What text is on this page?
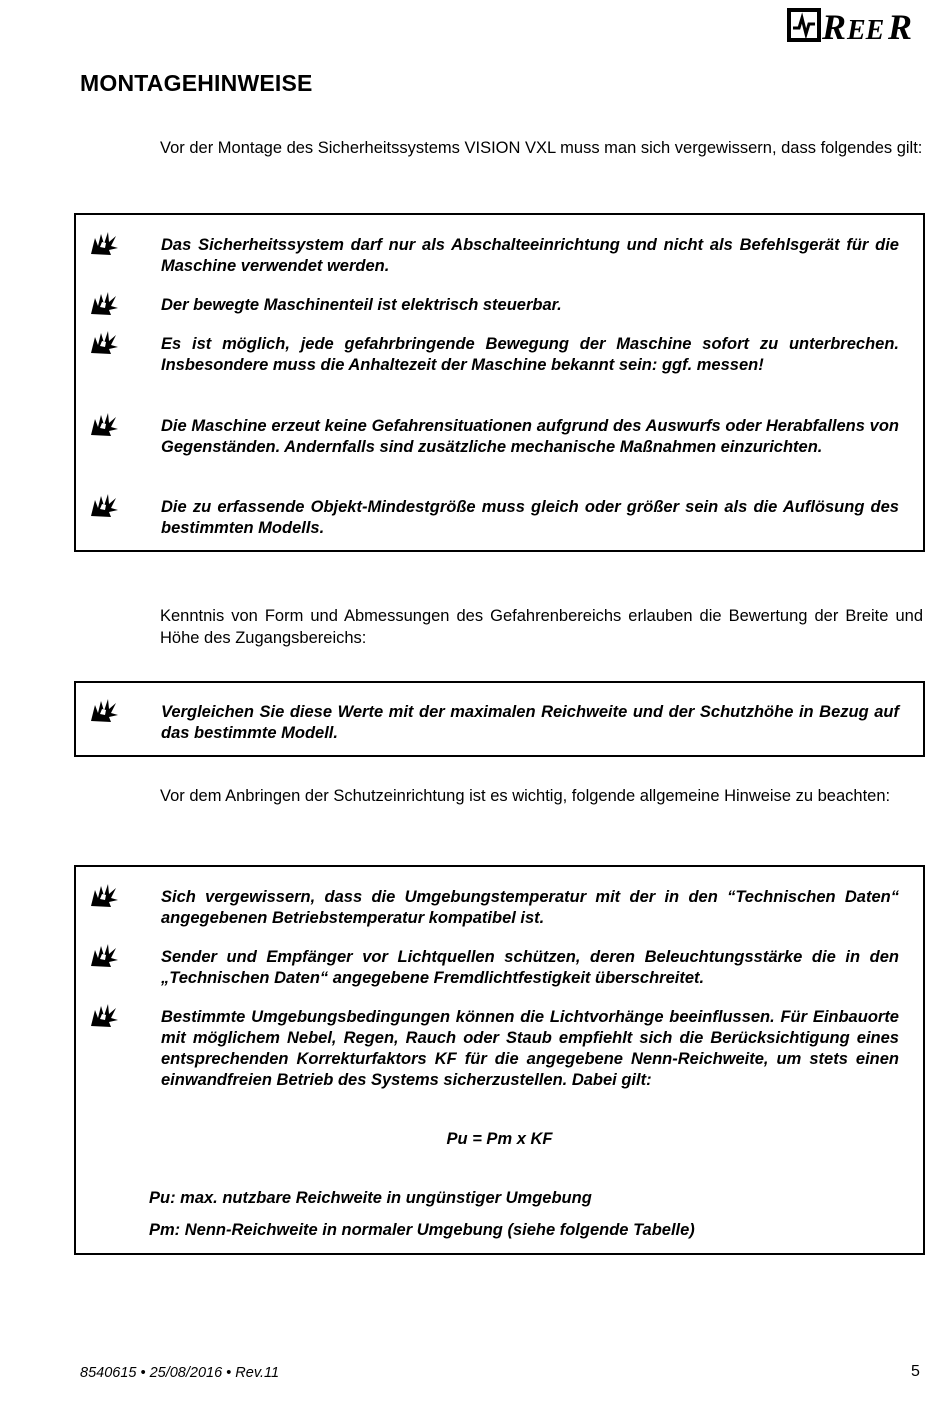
R EE R
MONTAGEHINWEISE

Vor der Montage des Sicherheitssystems VISION VXL muss man sich vergewissern, dass folgendes gilt:

Das Sicherheitssystem darf nur als Abschalteeinrichtung und nicht als Befehlsgerät für die Maschine verwendet werden.

Der bewegte Maschinenteil ist elektrisch steuerbar.

Es ist möglich, jede gefahrbringende Bewegung der Maschine sofort zu unterbrechen. Insbesondere muss die Anhaltezeit der Maschine bekannt sein: ggf. messen!

Die Maschine erzeut keine Gefahrensituationen aufgrund des Auswurfs oder Herabfallens von Gegenständen. Andernfalls sind zusätzliche mechanische Maßnahmen einzurichten.

Die zu erfassende Objekt-Mindestgröße muss gleich oder größer sein als die Auflösung des bestimmten Modells.

Kenntnis von Form und Abmessungen des Gefahrenbereichs erlauben die Bewertung der Breite und Höhe des Zugangsbereichs:

Vergleichen Sie diese Werte mit der maximalen Reichweite und der Schutzhöhe in Bezug auf das bestimmte Modell.

Vor dem Anbringen der Schutzeinrichtung ist es wichtig, folgende allgemeine Hinweise zu beachten:

Sich vergewissern, dass die Umgebungstemperatur mit der in den “Technischen Daten“ angegebenen Betriebstemperatur kompatibel ist.

Sender und Empfänger vor Lichtquellen schützen, deren Beleuchtungsstärke die in den „Technischen Daten“ angegebene Fremdlichtfestigkeit überschreitet.

Bestimmte Umgebungsbedingungen können die Lichtvorhänge beeinflussen. Für Einbauorte mit möglichem Nebel, Regen, Rauch oder Staub empfiehlt sich die Berücksichtigung eines entsprechenden Korrekturfaktors KF für die angegebene Nenn-Reichweite, um stets einen einwandfreien Betrieb des Systems sicherzustellen. Dabei gilt:

Pu = Pm x KF

Pu: max. nutzbare Reichweite in ungünstiger Umgebung

Pm: Nenn-Reichweite in normaler Umgebung (siehe folgende Tabelle)

8540615 • 25/08/2016 • Rev.11	5
